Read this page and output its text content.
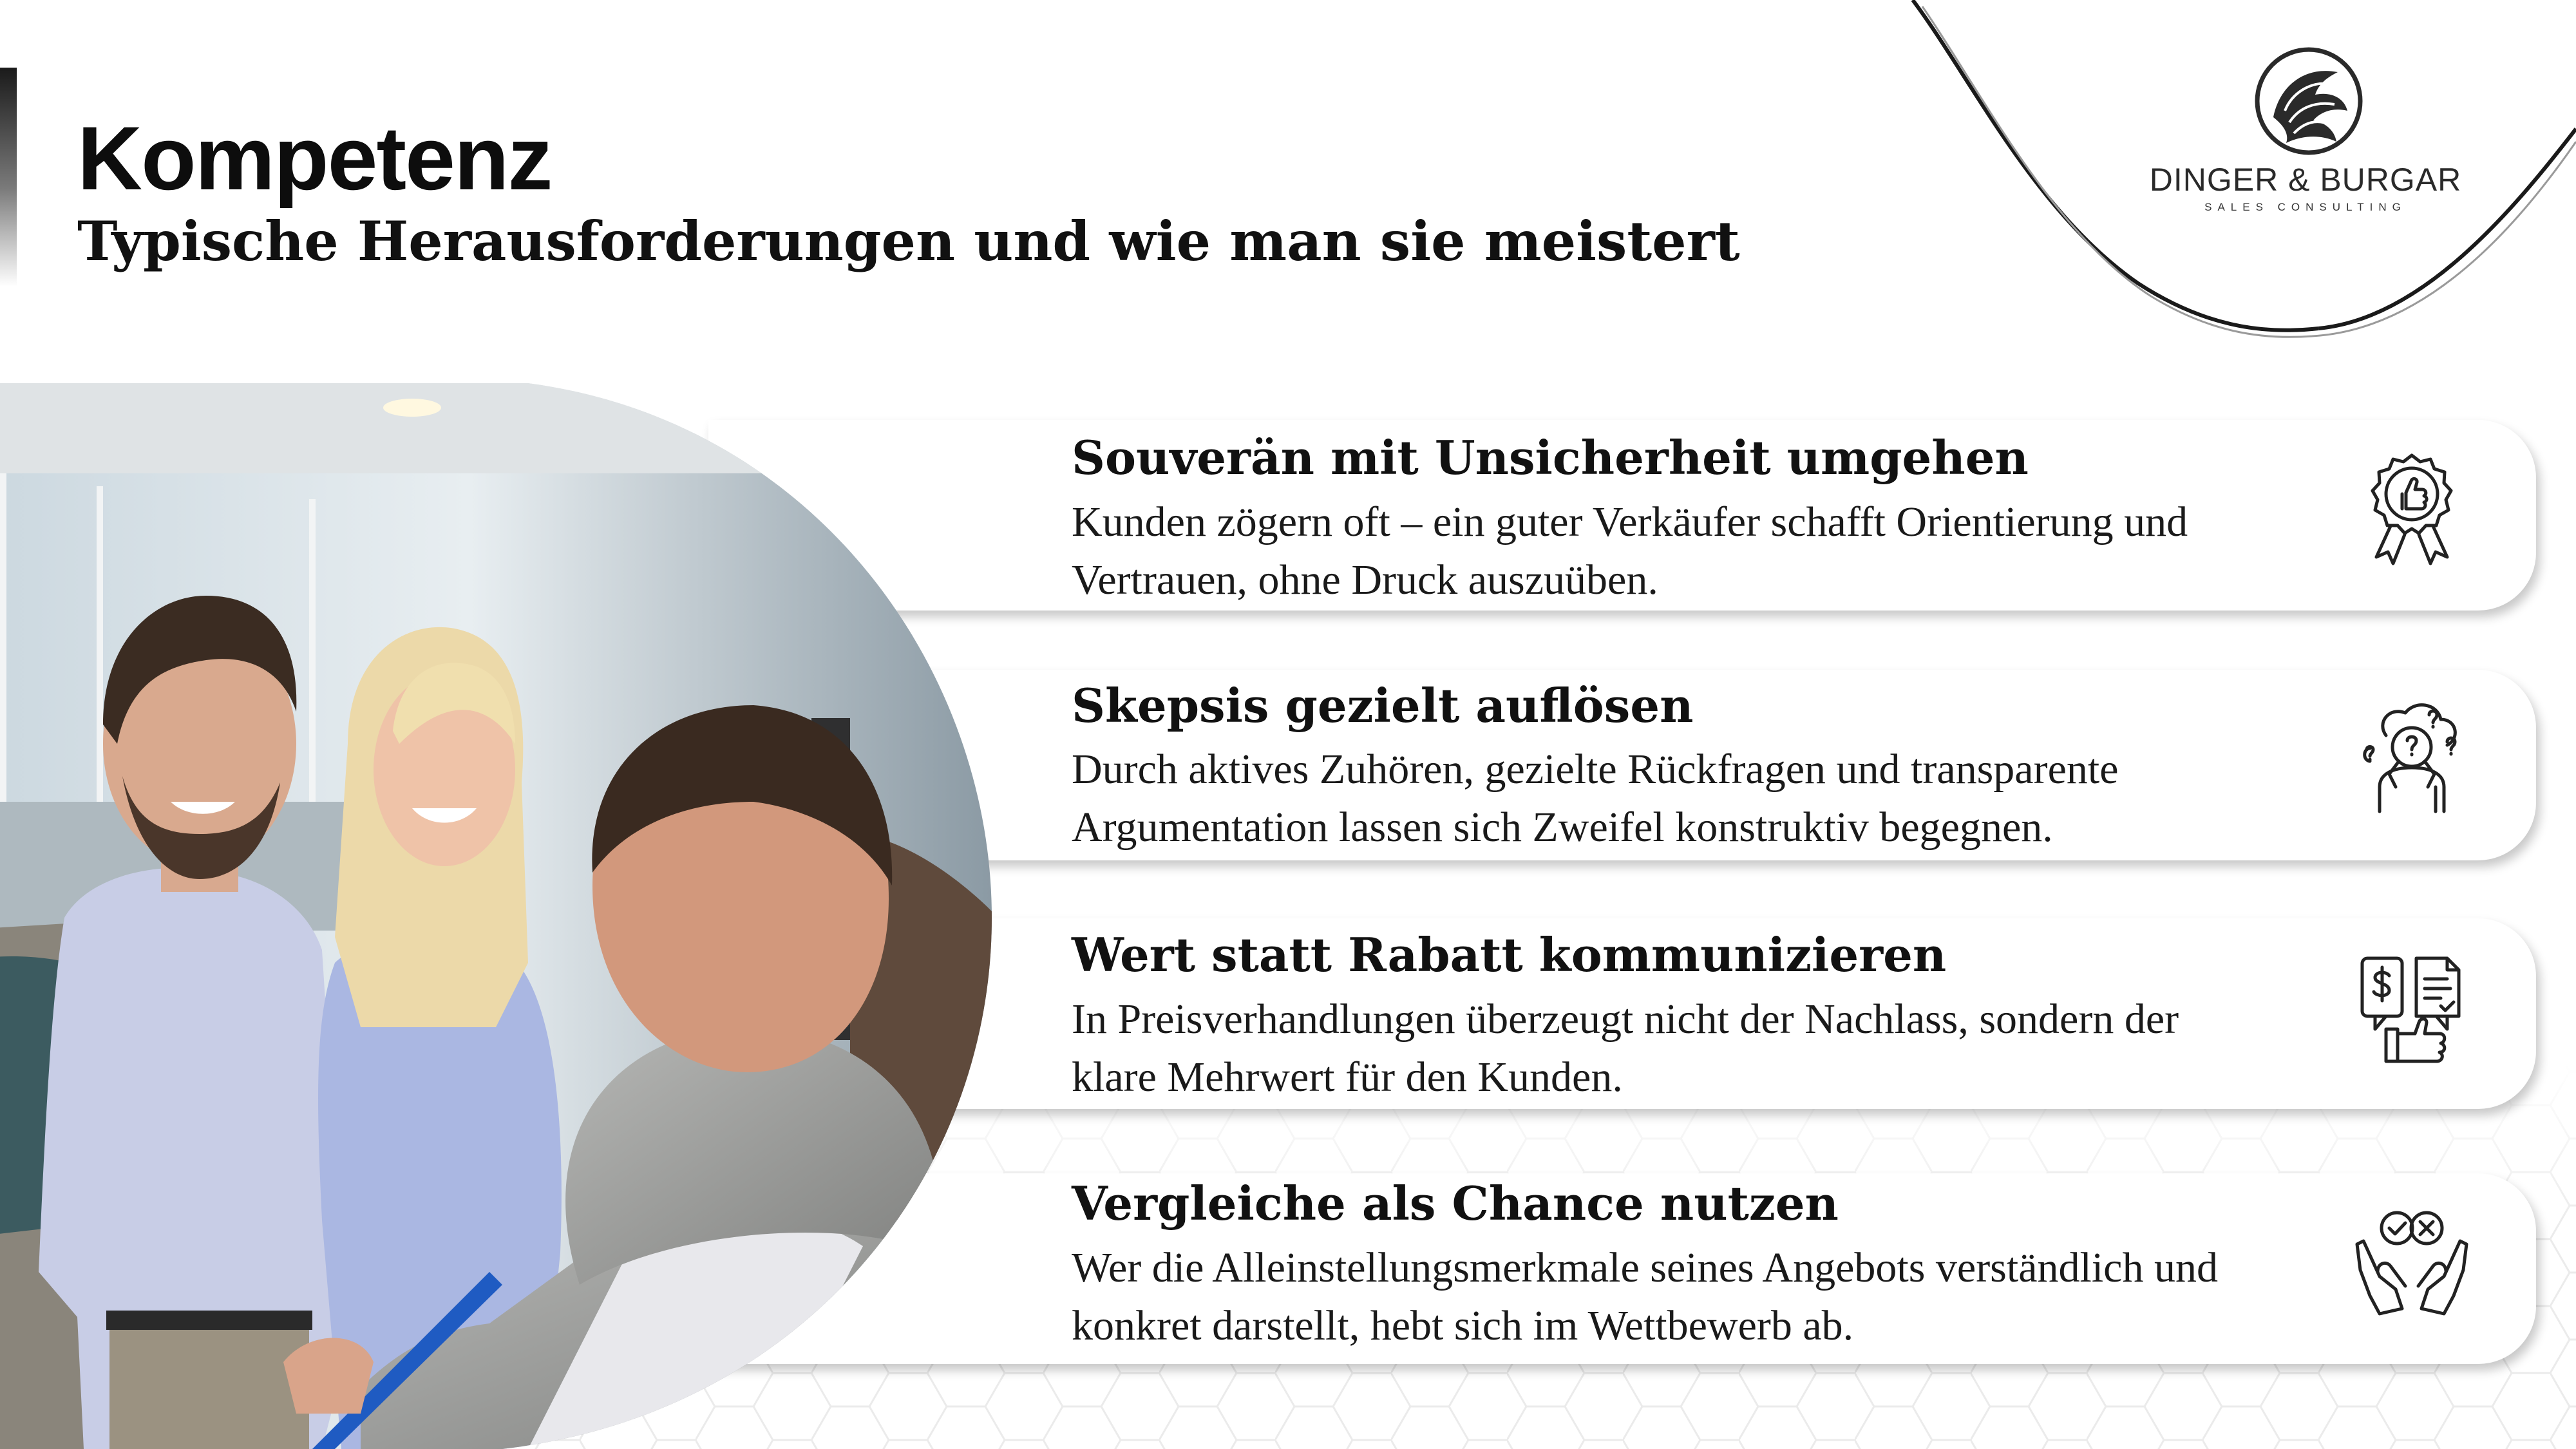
Kompetenz
Typische Herausforderungen und wie man sie meistert
DINGER & BURGAR
SALES CONSULTING

Souverän mit Unsicherheit umgehen

Kunden zögern oft – ein guter Verkäufer schafft Orientierung und

Vertrauen, ohne Druck auszuüben.

Skepsis gezielt auflösen

Durch aktives Zuhören, gezielte Rückfragen und transparente

Argumentation lassen sich Zweifel konstruktiv begegnen.

Wert statt Rabatt kommunizieren

In Preisverhandlungen überzeugt nicht der Nachlass, sondern der

klare Mehrwert für den Kunden.

Vergleiche als Chance nutzen

Wer die Alleinstellungsmerkmale seines Angebots verständlich und

konkret darstellt, hebt sich im Wettbewerb ab.
